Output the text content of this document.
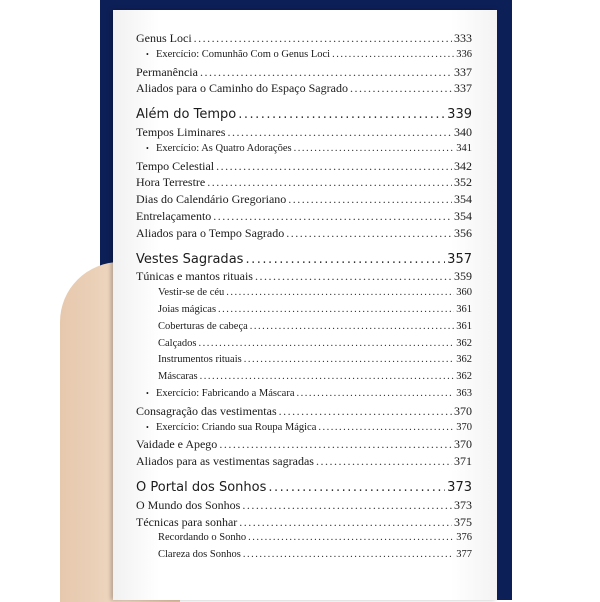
Genus Loci .....	333
• Exercício: Comunhão Com o Genus Loci .....	336
Permanência .....	337
Aliados para o Caminho do Espaço Sagrado .....	337
Além do Tempo .....	339
Tempos Liminares .....	340
• Exercício: As Quatro Adorações .....	341
Tempo Celestial .....	342
Hora Terrestre .....	352
Dias do Calendário Gregoriano .....	354
Entrelaçamento .....	354
Aliados para o Tempo Sagrado .....	356
Vestes Sagradas .....	357
Túnicas e mantos rituais .....	359
Vestir-se de céu .....	360
Joias mágicas .....	361
Coberturas de cabeça .....	361
Calçados .....	362
Instrumentos rituais .....	362
Máscaras .....	362
• Exercício: Fabricando a Máscara .....	363
Consagração das vestimentas .....	370
• Exercício: Criando sua Roupa Mágica .....	370
Vaidade e Apego .....	370
Aliados para as vestimentas sagradas .....	371
O Portal dos Sonhos .....	373
O Mundo dos Sonhos .....	373
Técnicas para sonhar .....	375
Recordando o Sonho .....	376
Clareza dos Sonhos .....	377
